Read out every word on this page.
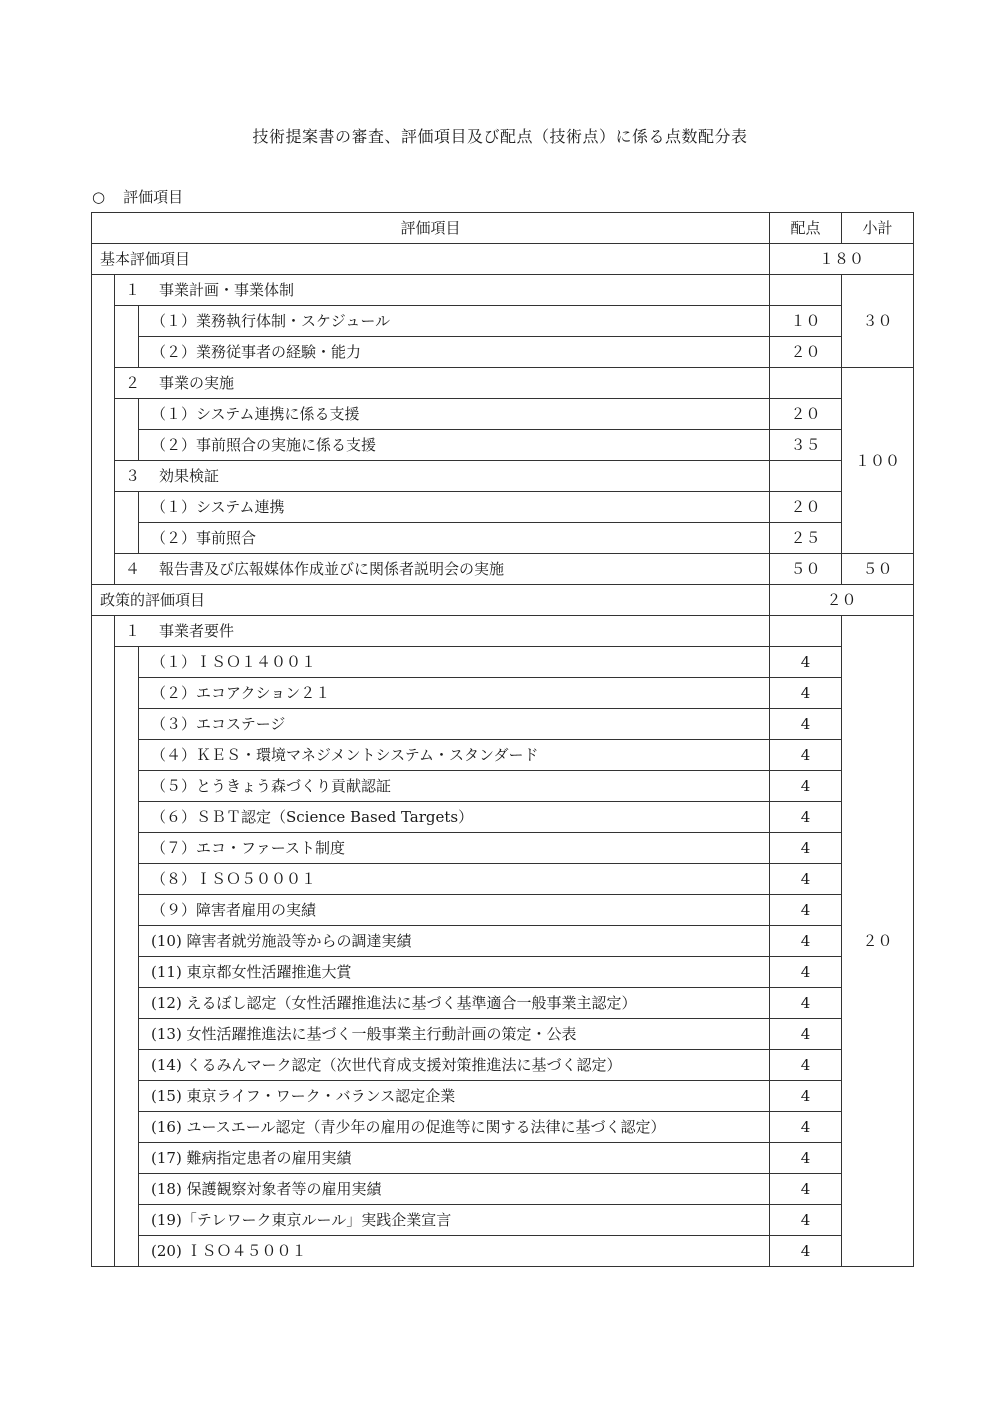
技術提案書の審査、評価項目及び配点（技術点）に係る点数配分表
○ 評価項目
評価項目			配点	小計
基本評価項目			１８０	
	１ 事業計画・事業体制			３０
		（１）業務執行体制・スケジュール	１０	
		（２）業務従事者の経験・能力	２０	
	２ 事業の実施			１００
		（１）システム連携に係る支援	２０	
		（２）事前照合の実施に係る支援	３５	
	３ 効果検証			
		（１）システム連携	２０	
		（２）事前照合	２５	
	４ 報告書及び広報媒体作成並びに関係者説明会の実施		５０	５０
政策的評価項目			２０	
	１ 事業者要件			２０
		（１）ＩＳＯ１４００１	4	
		（２）エコアクション２１	4	
		（３）エコステージ	4	
		（４）ＫＥＳ・環境マネジメントシステム・スタンダード	4	
		（５）とうきょう森づくり貢献認証	4	
		（６）ＳＢＴ認定（Science Based Targets）	4	
		（７）エコ・ファースト制度	4	
		（８）ＩＳＯ５０００１	4	
		（９）障害者雇用の実績	4	
		(10) 障害者就労施設等からの調達実績	4	
		(11) 東京都女性活躍推進大賞	4	
		(12) えるぼし認定（女性活躍推進法に基づく基準適合一般事業主認定）	4	
		(13) 女性活躍推進法に基づく一般事業主行動計画の策定・公表	4	
		(14) くるみんマーク認定（次世代育成支援対策推進法に基づく認定）	4	
		(15) 東京ライフ・ワーク・バランス認定企業	4	
		(16) ユースエール認定（青少年の雇用の促進等に関する法律に基づく認定）	4	
		(17) 難病指定患者の雇用実績	4	
		(18) 保護観察対象者等の雇用実績	4	
		(19)「テレワーク東京ルール」実践企業宣言	4	
		(20) ＩＳＯ４５００１	4	
